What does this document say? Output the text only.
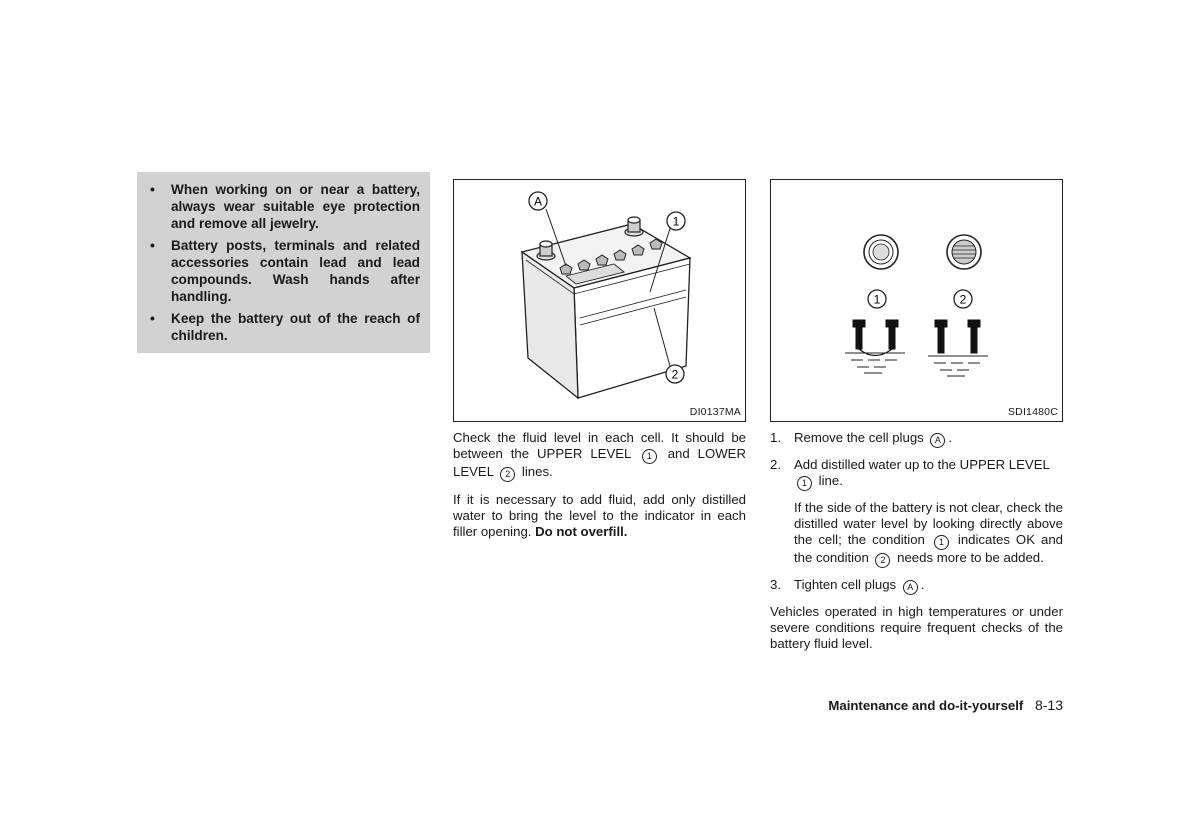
• When working on or near a battery, always wear suitable eye protection and remove all jewelry.
• Battery posts, terminals and related accessories contain lead and lead compounds. Wash hands after handling.
• Keep the battery out of the reach of children.
A
1
2
DI0137MA
1	2
SDI1480C

Check the fluid level in each cell. It should be between the UPPER LEVEL 1 and LOWER LEVEL 2 lines.

If it is necessary to add fluid, add only distilled water to bring the level to the indicator in each filler opening. Do not overfill.

1. Remove the cell plugs A .
2. Add distilled water up to the UPPER LEVEL 1 line.
If the side of the battery is not clear, check the distilled water level by looking directly above the cell; the condition 1 indicates OK and the condition 2 needs more to be added.
3. Tighten cell plugs A .

Vehicles operated in high temperatures or under severe conditions require frequent checks of the battery fluid level.

Maintenance and do-it-yourself 8-13
